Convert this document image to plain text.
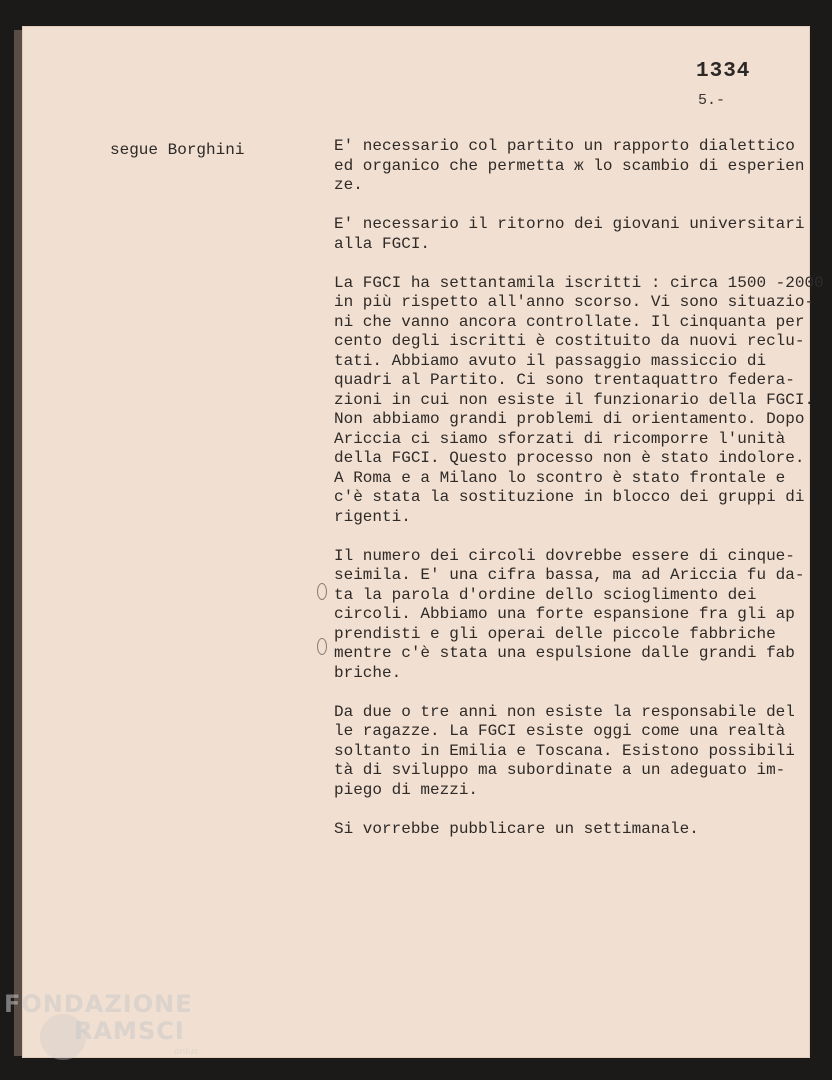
1334
5.-
segue Borghini	E' necessario col partito un rapporto dialettico
ed organico che permetta ж lo scambio di esperien
ze.
E' necessario il ritorno dei giovani universitari
alla FGCI.
La FGCI ha settantamila iscritti : circa 1500 -2000
in più rispetto all'anno scorso. Vi sono situazio-
ni che vanno ancora controllate. Il cinquanta per
cento degli iscritti è costituito da nuovi reclu-
tati. Abbiamo avuto il passaggio massiccio di
quadri al Partito. Ci sono trentaquattro federa-
zioni in cui non esiste il funzionario della FGCI.
Non abbiamo grandi problemi di orientamento. Dopo
Ariccia ci siamo sforzati di ricomporre l'unità
della FGCI. Questo processo non è stato indolore.
A Roma e a Milano lo scontro è stato frontale e
c'è stata la sostituzione in blocco dei gruppi di
rigenti.
Il numero dei circoli dovrebbe essere di cinque-
seimila. E' una cifra bassa, ma ad Ariccia fu da-
ta la parola d'ordine dello scioglimento dei
circoli. Abbiamo una forte espansione fra gli ap
prendisti e gli operai delle piccole fabbriche
mentre c'è stata una espulsione dalle grandi fab
briche.
Da due o tre anni non esiste la responsabile del
le ragazze. La FGCI esiste oggi come una realtà
soltanto in Emilia e Toscana. Esistono possibili
tà di sviluppo ma subordinate a un adeguato im-
piego di mezzi.
Si vorrebbe pubblicare un settimanale.
FONDAZIONE
RAMSCI
onlus
